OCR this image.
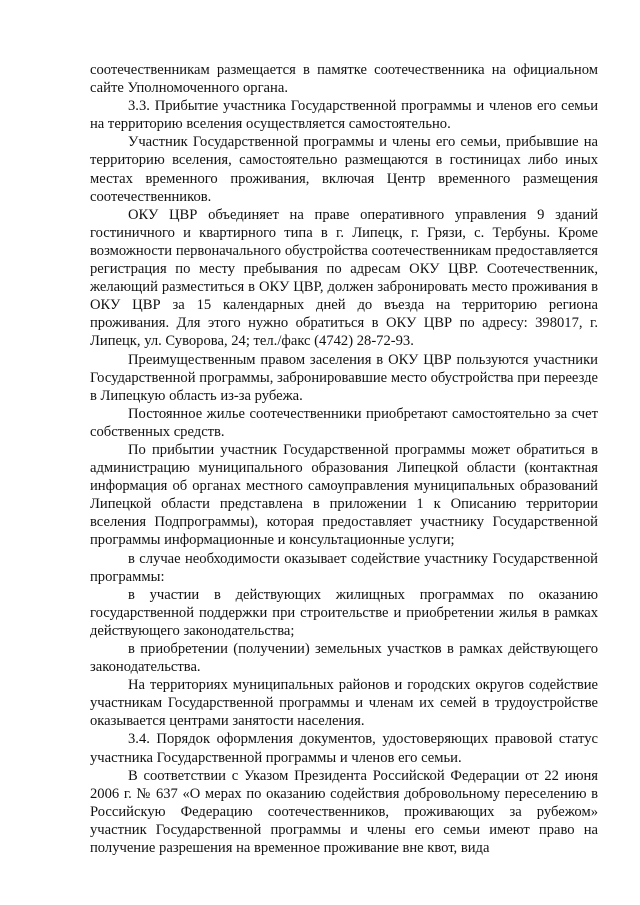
соотечественникам размещается в памятке соотечественника на официальном сайте Уполномоченного органа.

3.3. Прибытие участника Государственной программы и членов его семьи на территорию вселения осуществляется самостоятельно.

Участник Государственной программы и члены его семьи, прибывшие на территорию вселения, самостоятельно размещаются в гостиницах либо иных местах временного проживания, включая Центр временного размещения соотечественников.

ОКУ ЦВР объединяет на праве оперативного управления 9 зданий гостиничного и квартирного типа в г. Липецк, г. Грязи, с. Тербуны. Кроме возможности первоначального обустройства соотечественникам предоставляется регистрация по месту пребывания по адресам ОКУ ЦВР. Соотечественник, желающий разместиться в ОКУ ЦВР, должен забронировать место проживания в ОКУ ЦВР за 15 календарных дней до въезда на территорию региона проживания. Для этого нужно обратиться в ОКУ ЦВР по адресу: 398017, г. Липецк, ул. Суворова, 24; тел./факс (4742) 28-72-93.

Преимущественным правом заселения в ОКУ ЦВР пользуются участники Государственной программы, забронировавшие место обустройства при переезде в Липецкую область из-за рубежа.

Постоянное жилье соотечественники приобретают самостоятельно за счет собственных средств.

По прибытии участник Государственной программы может обратиться в администрацию муниципального образования Липецкой области (контактная информация об органах местного самоуправления муниципальных образований Липецкой области представлена в приложении 1 к Описанию территории вселения Подпрограммы), которая предоставляет участнику Государственной программы информационные и консультационные услуги;

в случае необходимости оказывает содействие участнику Государственной программы:

в участии в действующих жилищных программах по оказанию государственной поддержки при строительстве и приобретении жилья в рамках действующего законодательства;

в приобретении (получении) земельных участков в рамках действующего законодательства.

На территориях муниципальных районов и городских округов содействие участникам Государственной программы и членам их семей в трудоустройстве оказывается центрами занятости населения.

3.4. Порядок оформления документов, удостоверяющих правовой статус участника Государственной программы и членов его семьи.

В соответствии с Указом Президента Российской Федерации от 22 июня 2006 г. № 637 «О мерах по оказанию содействия добровольному переселению в Российскую Федерацию соотечественников, проживающих за рубежом» участник Государственной программы и члены его семьи имеют право на получение разрешения на временное проживание вне квот, вида
